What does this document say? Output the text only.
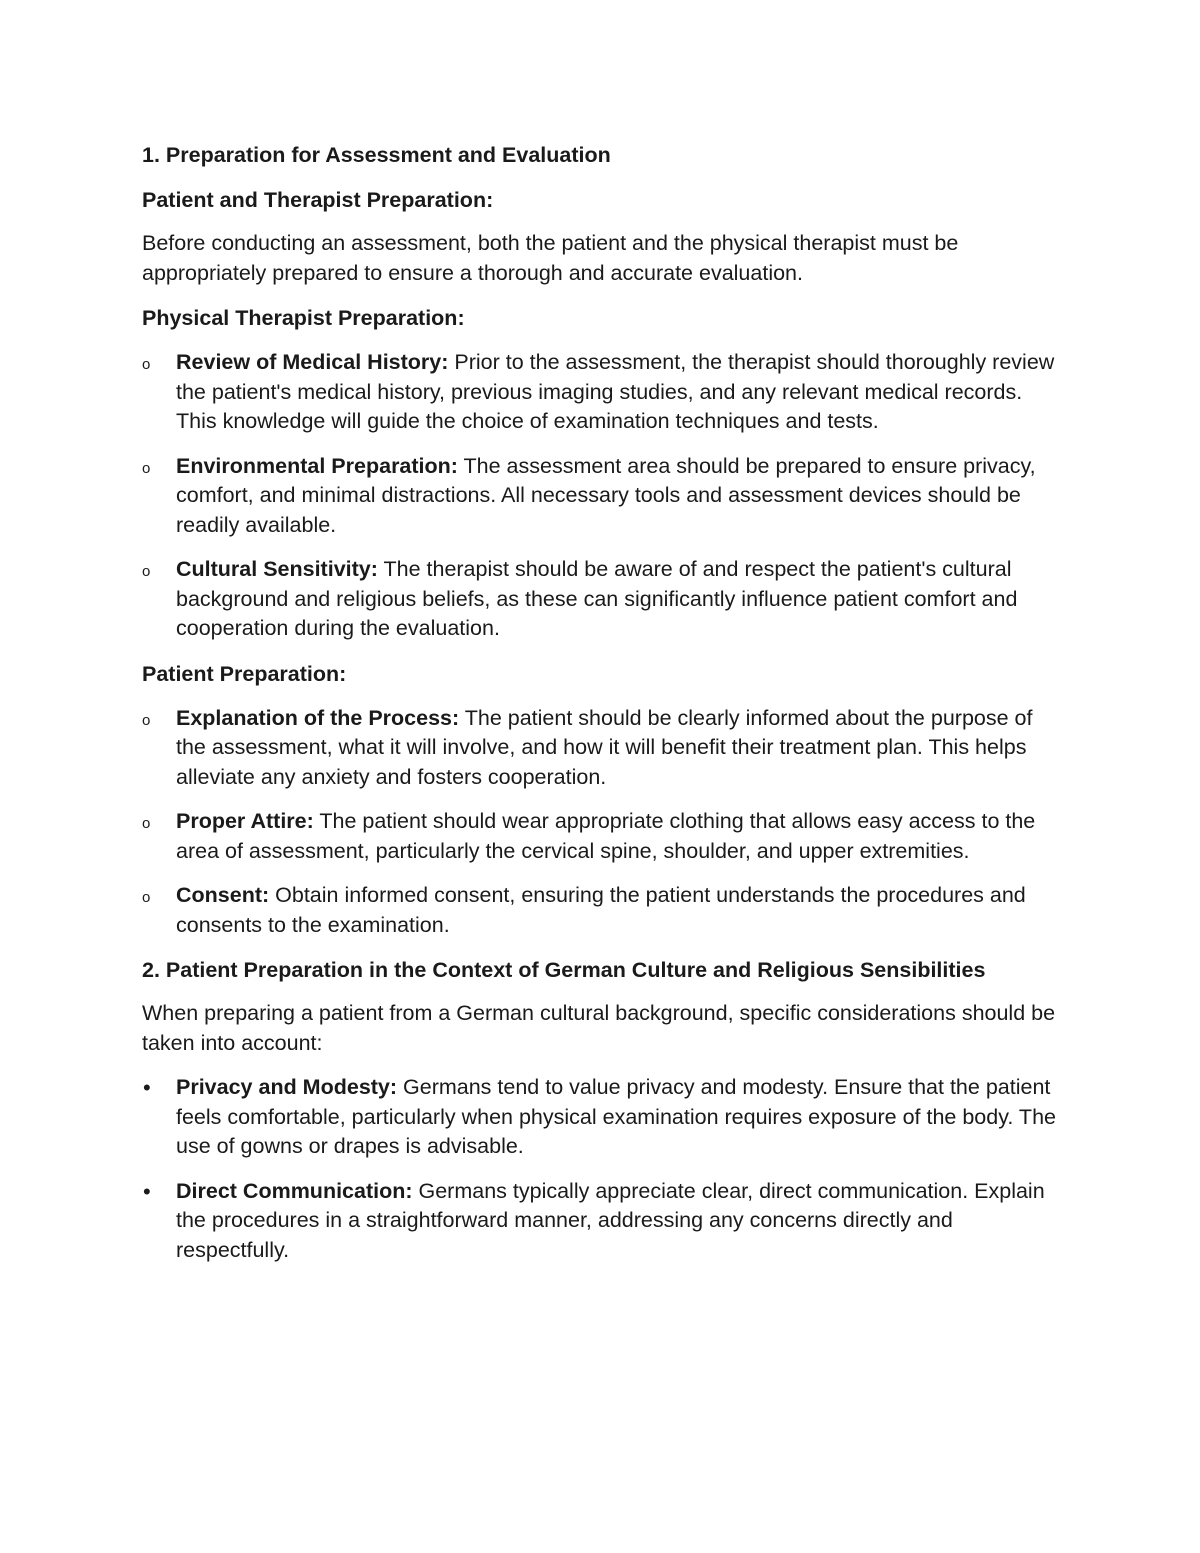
1. Preparation for Assessment and Evaluation

Patient and Therapist Preparation:

Before conducting an assessment, both the patient and the physical therapist must be appropriately prepared to ensure a thorough and accurate evaluation.

Physical Therapist Preparation:

o	Review of Medical History: Prior to the assessment, the therapist should thoroughly review the patient's medical history, previous imaging studies, and any relevant medical records. This knowledge will guide the choice of examination techniques and tests.
o	Environmental Preparation: The assessment area should be prepared to ensure privacy, comfort, and minimal distractions. All necessary tools and assessment devices should be readily available.
o	Cultural Sensitivity: The therapist should be aware of and respect the patient's cultural background and religious beliefs, as these can significantly influence patient comfort and cooperation during the evaluation.

Patient Preparation:

o	Explanation of the Process: The patient should be clearly informed about the purpose of the assessment, what it will involve, and how it will benefit their treatment plan. This helps alleviate any anxiety and fosters cooperation.
o	Proper Attire: The patient should wear appropriate clothing that allows easy access to the area of assessment, particularly the cervical spine, shoulder, and upper extremities.
o	Consent: Obtain informed consent, ensuring the patient understands the procedures and consents to the examination.
2. Patient Preparation in the Context of German Culture and Religious Sensibilities

When preparing a patient from a German cultural background, specific considerations should be taken into account:

•	Privacy and Modesty: Germans tend to value privacy and modesty. Ensure that the patient feels comfortable, particularly when physical examination requires exposure of the body. The use of gowns or drapes is advisable.
•	Direct Communication: Germans typically appreciate clear, direct communication. Explain the procedures in a straightforward manner, addressing any concerns directly and respectfully.
